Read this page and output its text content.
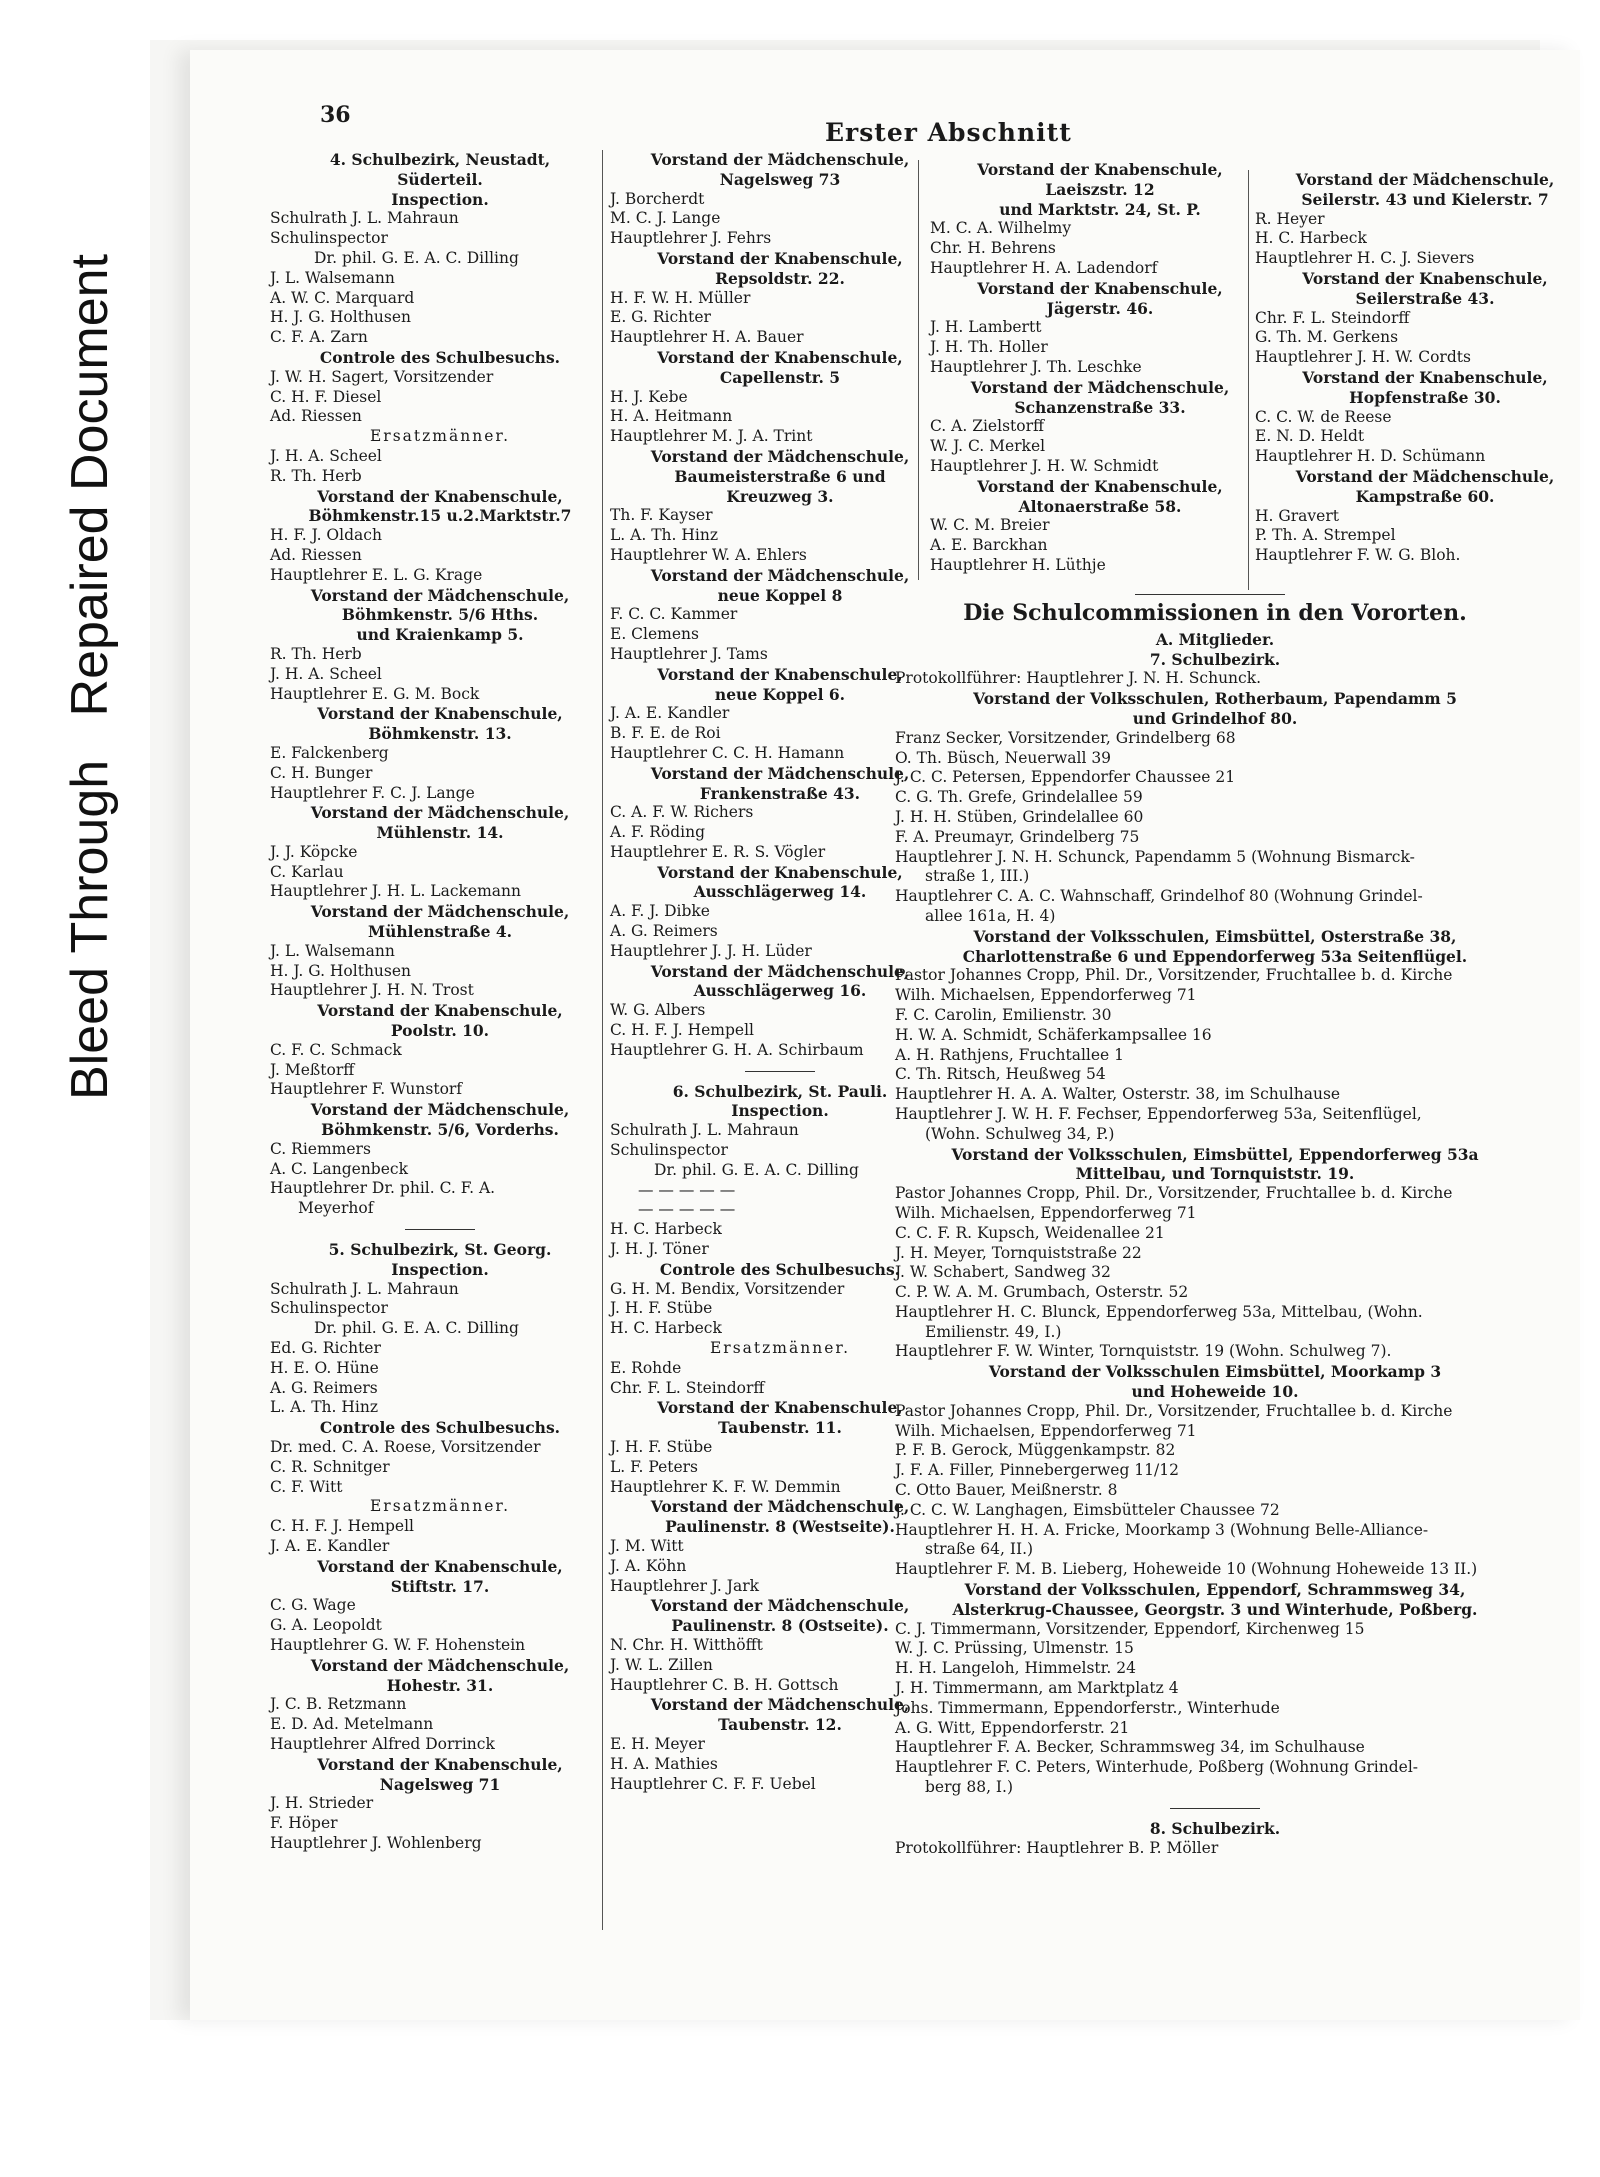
Bleed Through   Repaired Document
36
Erster Abschnitt

4. Schulbezirk, Neustadt,

Süderteil.

Inspection.

Schulrath J. L. Mahraun

Schulinspector

Dr. phil. G. E. A. C. Dilling

J. L. Walsemann

A. W. C. Marquard

H. J. G. Holthusen

C. F. A. Zarn

Controle des Schulbesuchs.

J. W. H. Sagert, Vorsitzender

C. H. F. Diesel

Ad. Riessen

Ersatzmänner.

J. H. A. Scheel

R. Th. Herb

Vorstand der Knabenschule,

Böhmkenstr.15 u.2.Marktstr.7

H. F. J. Oldach

Ad. Riessen

Hauptlehrer E. L. G. Krage

Vorstand der Mädchenschule,

Böhmkenstr. 5/6 Hths.

und Kraienkamp 5.

R. Th. Herb

J. H. A. Scheel

Hauptlehrer E. G. M. Bock

Vorstand der Knabenschule,

Böhmkenstr. 13.

E. Falckenberg

C. H. Bunger

Hauptlehrer F. C. J. Lange

Vorstand der Mädchenschule,

Mühlenstr. 14.

J. J. Köpcke

C. Karlau

Hauptlehrer J. H. L. Lackemann

Vorstand der Mädchenschule,

Mühlenstraße 4.

J. L. Walsemann

H. J. G. Holthusen

Hauptlehrer J. H. N. Trost

Vorstand der Knabenschule,

Poolstr. 10.

C. F. C. Schmack

J. Meßtorff

Hauptlehrer F. Wunstorf

Vorstand der Mädchenschule,

Böhmkenstr. 5/6, Vorderhs.

C. Riemmers

A. C. Langenbeck

Hauptlehrer Dr. phil. C. F. A.

Meyerhof

5. Schulbezirk, St. Georg.

Inspection.

Schulrath J. L. Mahraun

Schulinspector

Dr. phil. G. E. A. C. Dilling

Ed. G. Richter

H. E. O. Hüne

A. G. Reimers

L. A. Th. Hinz

Controle des Schulbesuchs.

Dr. med. C. A. Roese, Vorsitzender

C. R. Schnitger

C. F. Witt

Ersatzmänner.

C. H. F. J. Hempell

J. A. E. Kandler

Vorstand der Knabenschule,

Stiftstr. 17.

C. G. Wage

G. A. Leopoldt

Hauptlehrer G. W. F. Hohenstein

Vorstand der Mädchenschule,

Hohestr. 31.

J. C. B. Retzmann

E. D. Ad. Metelmann

Hauptlehrer Alfred Dorrinck

Vorstand der Knabenschule,

Nagelsweg 71

J. H. Strieder

F. Höper

Hauptlehrer J. Wohlenberg

Vorstand der Mädchenschule,

Nagelsweg 73

J. Borcherdt

M. C. J. Lange

Hauptlehrer J. Fehrs

Vorstand der Knabenschule,

Repsoldstr. 22.

H. F. W. H. Müller

E. G. Richter

Hauptlehrer H. A. Bauer

Vorstand der Knabenschule,

Capellenstr. 5

H. J. Kebe

H. A. Heitmann

Hauptlehrer M. J. A. Trint

Vorstand der Mädchenschule,

Baumeisterstraße 6 und

Kreuzweg 3.

Th. F. Kayser

L. A. Th. Hinz

Hauptlehrer W. A. Ehlers

Vorstand der Mädchenschule,

neue Koppel 8

F. C. C. Kammer

E. Clemens

Hauptlehrer J. Tams

Vorstand der Knabenschule,

neue Koppel 6.

J. A. E. Kandler

B. F. E. de Roi

Hauptlehrer C. C. H. Hamann

Vorstand der Mädchenschule,

Frankenstraße 43.

C. A. F. W. Richers

A. F. Röding

Hauptlehrer E. R. S. Vögler

Vorstand der Knabenschule,

Ausschlägerweg 14.

A. F. J. Dibke

A. G. Reimers

Hauptlehrer J. J. H. Lüder

Vorstand der Mädchenschule,

Ausschlägerweg 16.

W. G. Albers

C. H. F. J. Hempell

Hauptlehrer G. H. A. Schirbaum

6. Schulbezirk, St. Pauli.

Inspection.

Schulrath J. L. Mahraun

Schulinspector

Dr. phil. G. E. A. C. Dilling

— — — — —

— — — — —

H. C. Harbeck

J. H. J. Töner

Controle des Schulbesuchs.

G. H. M. Bendix, Vorsitzender

J. H. F. Stübe

H. C. Harbeck

Ersatzmänner.

E. Rohde

Chr. F. L. Steindorff

Vorstand der Knabenschule,

Taubenstr. 11.

J. H. F. Stübe

L. F. Peters

Hauptlehrer K. F. W. Demmin

Vorstand der Mädchenschule,

Paulinenstr. 8 (Westseite).

J. M. Witt

J. A. Köhn

Hauptlehrer J. Jark

Vorstand der Mädchenschule,

Paulinenstr. 8 (Ostseite).

N. Chr. H. Witthöfft

J. W. L. Zillen

Hauptlehrer C. B. H. Gottsch

Vorstand der Mädchenschule,

Taubenstr. 12.

E. H. Meyer

H. A. Mathies

Hauptlehrer C. F. F. Uebel

Vorstand der Knabenschule,

Laeiszstr. 12

und Marktstr. 24, St. P.

M. C. A. Wilhelmy

Chr. H. Behrens

Hauptlehrer H. A. Ladendorf

Vorstand der Knabenschule,

Jägerstr. 46.

J. H. Lambertt

J. H. Th. Holler

Hauptlehrer J. Th. Leschke

Vorstand der Mädchenschule,

Schanzenstraße 33.

C. A. Zielstorff

W. J. C. Merkel

Hauptlehrer J. H. W. Schmidt

Vorstand der Knabenschule,

Altonaerstraße 58.

W. C. M. Breier

A. E. Barckhan

Hauptlehrer H. Lüthje

Vorstand der Mädchenschule,

Seilerstr. 43 und Kielerstr. 7

R. Heyer

H. C. Harbeck

Hauptlehrer H. C. J. Sievers

Vorstand der Knabenschule,

Seilerstraße 43.

Chr. F. L. Steindorff

G. Th. M. Gerkens

Hauptlehrer J. H. W. Cordts

Vorstand der Knabenschule,

Hopfenstraße 30.

C. C. W. de Reese

E. N. D. Heldt

Hauptlehrer H. D. Schümann

Vorstand der Mädchenschule,

Kampstraße 60.

H. Gravert

P. Th. A. Strempel

Hauptlehrer F. W. G. Bloh.

Die Schulcommissionen in den Vororten.

A. Mitglieder.

7. Schulbezirk.

Protokollführer: Hauptlehrer J. N. H. Schunck.

Vorstand der Volksschulen, Rotherbaum, Papendamm 5

und Grindelhof 80.

Franz Secker, Vorsitzender, Grindelberg 68

O. Th. Büsch, Neuerwall 39

J. C. C. Petersen, Eppendorfer Chaussee 21

C. G. Th. Grefe, Grindelallee 59

J. H. H. Stüben, Grindelallee 60

F. A. Preumayr, Grindelberg 75

Hauptlehrer J. N. H. Schunck, Papendamm 5 (Wohnung Bismarck-

straße 1, III.)

Hauptlehrer C. A. C. Wahnschaff, Grindelhof 80 (Wohnung Grindel-

allee 161a, H. 4)

Vorstand der Volksschulen, Eimsbüttel, Osterstraße 38,

Charlottenstraße 6 und Eppendorferweg 53a Seitenflügel.

Pastor Johannes Cropp, Phil. Dr., Vorsitzender, Fruchtallee b. d. Kirche

Wilh. Michaelsen, Eppendorferweg 71

F. C. Carolin, Emilienstr. 30

H. W. A. Schmidt, Schäferkampsallee 16

A. H. Rathjens, Fruchtallee 1

C. Th. Ritsch, Heußweg 54

Hauptlehrer H. A. A. Walter, Osterstr. 38, im Schulhause

Hauptlehrer J. W. H. F. Fechser, Eppendorferweg 53a, Seitenflügel,

(Wohn. Schulweg 34, P.)

Vorstand der Volksschulen, Eimsbüttel, Eppendorferweg 53a

Mittelbau, und Tornquiststr. 19.

Pastor Johannes Cropp, Phil. Dr., Vorsitzender, Fruchtallee b. d. Kirche

Wilh. Michaelsen, Eppendorferweg 71

C. C. F. R. Kupsch, Weidenallee 21

J. H. Meyer, Tornquiststraße 22

J. W. Schabert, Sandweg 32

C. P. W. A. M. Grumbach, Osterstr. 52

Hauptlehrer H. C. Blunck, Eppendorferweg 53a, Mittelbau, (Wohn.

Emilienstr. 49, I.)

Hauptlehrer F. W. Winter, Tornquiststr. 19 (Wohn. Schulweg 7).

Vorstand der Volksschulen Eimsbüttel, Moorkamp 3

und Hoheweide 10.

Pastor Johannes Cropp, Phil. Dr., Vorsitzender, Fruchtallee b. d. Kirche

Wilh. Michaelsen, Eppendorferweg 71

P. F. B. Gerock, Müggenkampstr. 82

J. F. A. Filler, Pinnebergerweg 11/12

C. Otto Bauer, Meißnerstr. 8

J. C. C. W. Langhagen, Eimsbütteler Chaussee 72

Hauptlehrer H. H. A. Fricke, Moorkamp 3 (Wohnung Belle-Alliance-

straße 64, II.)

Hauptlehrer F. M. B. Lieberg, Hoheweide 10 (Wohnung Hoheweide 13 II.)

Vorstand der Volksschulen, Eppendorf, Schrammsweg 34,

Alsterkrug-Chaussee, Georgstr. 3 und Winterhude, Poßberg.

C. J. Timmermann, Vorsitzender, Eppendorf, Kirchenweg 15

W. J. C. Prüssing, Ulmenstr. 15

H. H. Langeloh, Himmelstr. 24

J. H. Timmermann, am Marktplatz 4

Johs. Timmermann, Eppendorferstr., Winterhude

A. G. Witt, Eppendorferstr. 21

Hauptlehrer F. A. Becker, Schrammsweg 34, im Schulhause

Hauptlehrer F. C. Peters, Winterhude, Poßberg (Wohnung Grindel-

berg 88, I.)

8. Schulbezirk.

Protokollführer: Hauptlehrer B. P. Möller
